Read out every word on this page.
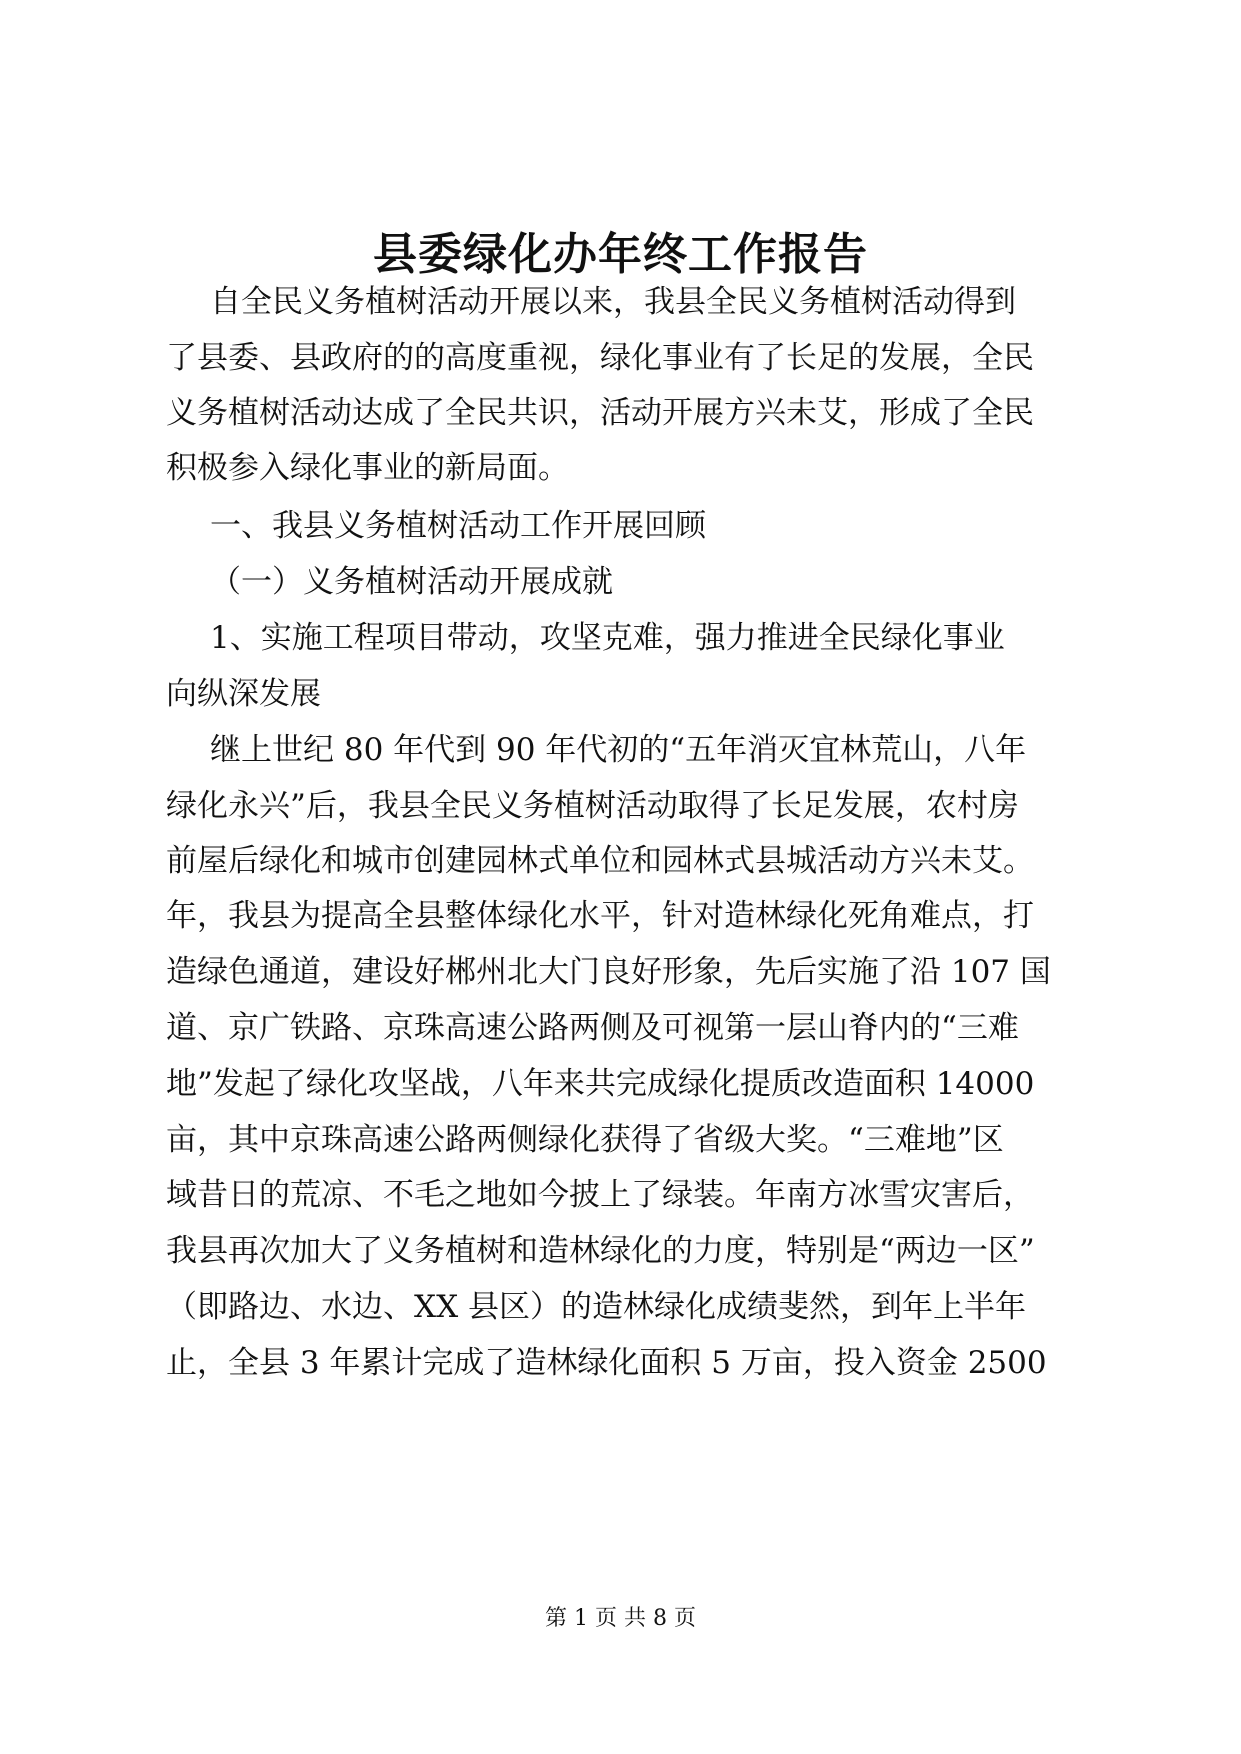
县委绿化办年终工作报告

自全民义务植树活动开展以来，我县全民义务植树活动得到

了县委、县政府的的高度重视，绿化事业有了长足的发展，全民

义务植树活动达成了全民共识，活动开展方兴未艾，形成了全民

积极参入绿化事业的新局面。

一、我县义务植树活动工作开展回顾

（一）义务植树活动开展成就

1、实施工程项目带动，攻坚克难，强力推进全民绿化事业

向纵深发展

继上世纪 80 年代到 90 年代初的“五年消灭宜林荒山，八年

绿化永兴”后，我县全民义务植树活动取得了长足发展，农村房

前屋后绿化和城市创建园林式单位和园林式县城活动方兴未艾。

年，我县为提高全县整体绿化水平，针对造林绿化死角难点，打

造绿色通道，建设好郴州北大门良好形象，先后实施了沿 107 国

道、京广铁路、京珠高速公路两侧及可视第一层山脊内的“三难

地”发起了绿化攻坚战，八年来共完成绿化提质改造面积 14000

亩，其中京珠高速公路两侧绿化获得了省级大奖。“三难地”区

域昔日的荒凉、不毛之地如今披上了绿装。年南方冰雪灾害后，

我县再次加大了义务植树和造林绿化的力度，特别是“两边一区”

（即路边、水边、XX 县区）的造林绿化成绩斐然，到年上半年

止，全县 3 年累计完成了造林绿化面积 5 万亩，投入资金 2500

第 1 页 共 8 页
